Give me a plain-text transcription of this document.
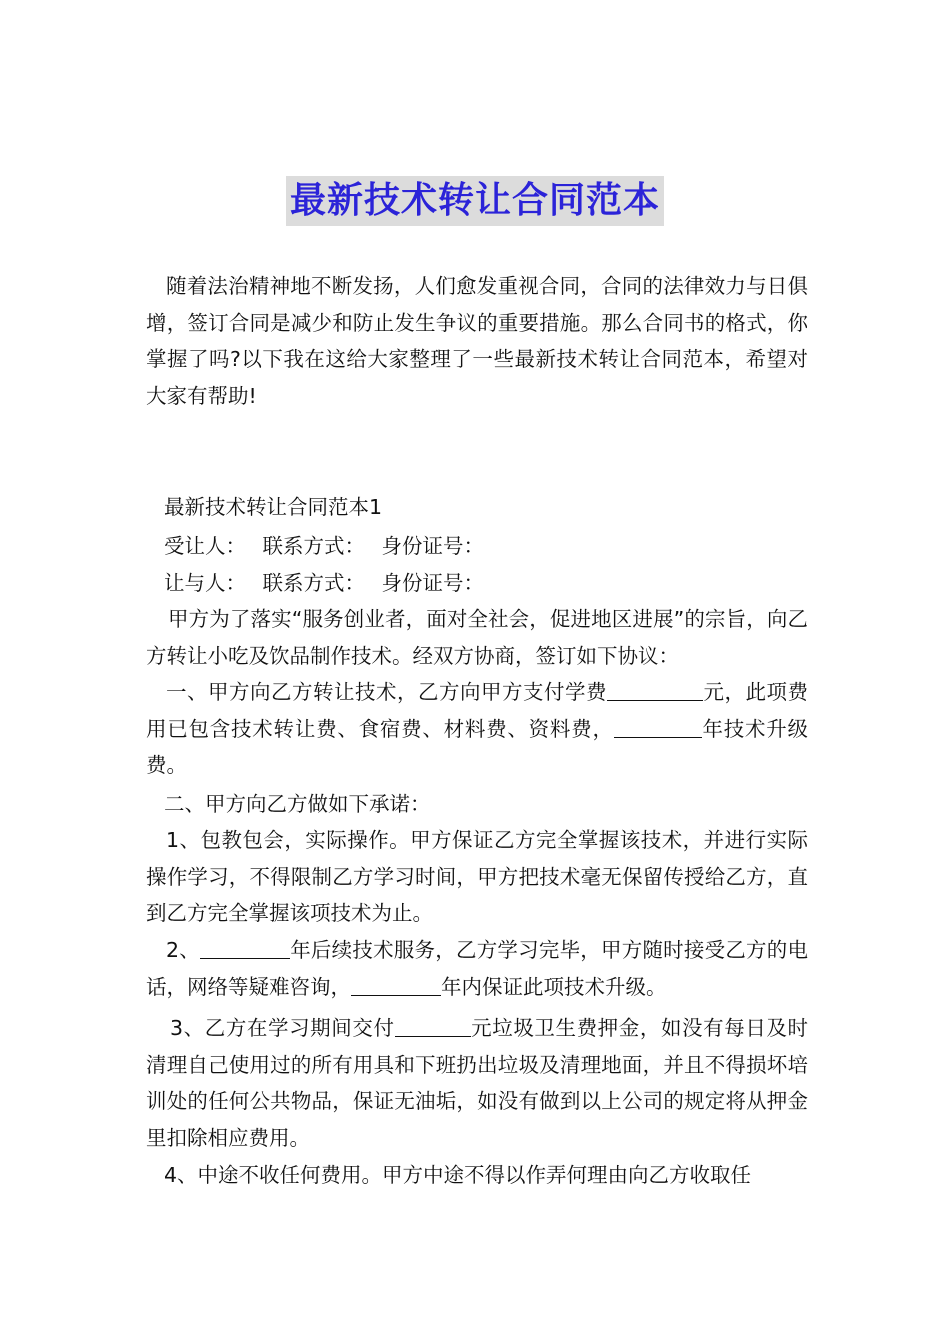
最新技术转让合同范本

随着法治精神地不断发扬，人们愈发重视合同，合同的法律效力与日俱增，签订合同是减少和防止发生争议的重要措施。那么合同书的格式，你掌握了吗?以下我在这给大家整理了一些最新技术转让合同范本，希望对大家有帮助!

最新技术转让合同范本1

受让人： 联系方式： 身份证号：

让与人： 联系方式： 身份证号：

甲方为了落实“服务创业者，面对全社会，促进地区进展”的宗旨，向乙方转让小吃及饮品制作技术。经双方协商，签订如下协议：

一、甲方向乙方转让技术，乙方向甲方支付学费	元，此项费用已包含技术转让费、食宿费、材料费、资料费，	年技术升级费。

二、甲方向乙方做如下承诺：

1、包教包会，实际操作。甲方保证乙方完全掌握该技术，并进行实际操作学习，不得限制乙方学习时间，甲方把技术毫无保留传授给乙方，直到乙方完全掌握该项技术为止。

2、	年后续技术服务，乙方学习完毕，甲方随时接受乙方的电话，网络等疑难咨询，	年内保证此项技术升级。

3、乙方在学习期间交付	元垃圾卫生费押金，如没有每日及时清理自己使用过的所有用具和下班扔出垃圾及清理地面，并且不得损坏培训处的任何公共物品，保证无油垢，如没有做到以上公司的规定将从押金里扣除相应费用。

4、中途不收任何费用。甲方中途不得以作弄何理由向乙方收取任
